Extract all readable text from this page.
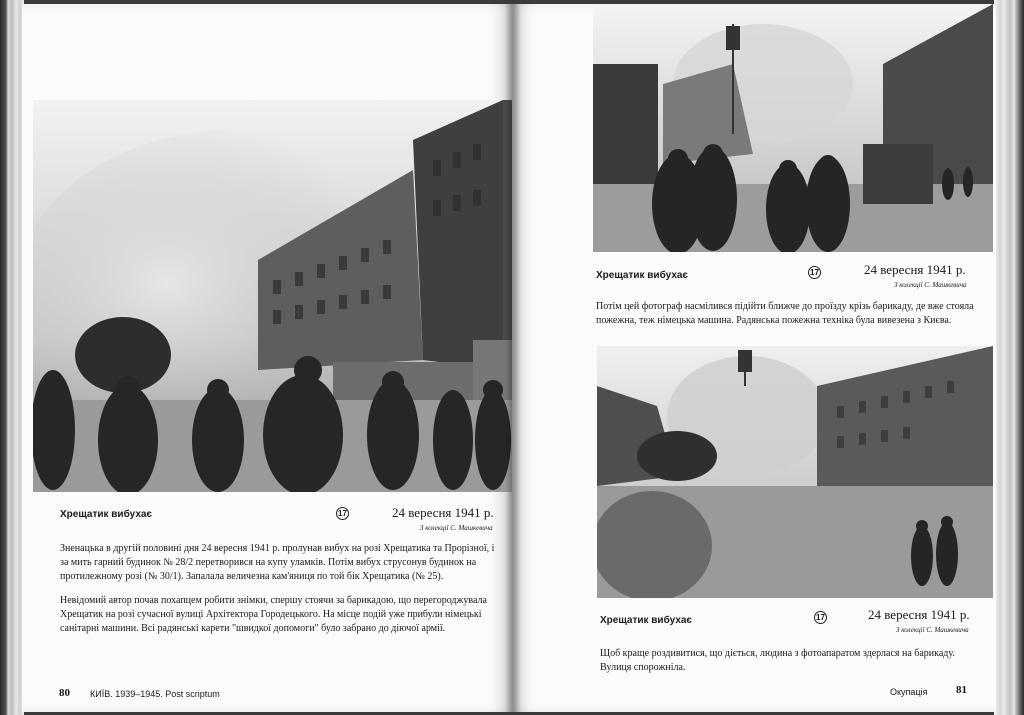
Хрещатик вибухає	17	24 вересня 1941 р.
З колекції С. Машкевича

Зненацька в другій половині дня 24 вересня 1941 р. пролунав вибух на розі Хрещатика та Прорізної, і за мить гарний будинок № 28/2 перетворився на купу уламків. Потім вибух струсонув будинок на протилежному розі (№ 30/1). Запалала величезна кам'яниця по той бік Хрещатика (№ 25).

Невідомий автор почав похапцем робити знімки, спершу стоячи за барикадою, що перегороджувала Хрещатик на розі сучасної вулиці Архітектора Городецького. На місце подій уже прибули німецькі санітарні машини. Всі радянські карети "швидкої допомоги" було забрано до діючої армії.

80 КИЇВ. 1939–1945. Post scriptum
Хрещатик вибухає	17	24 вересня 1941 р.
З колекції С. Машкевича
Потім цей фотограф насмілився підійти ближче до проїзду крізь барикаду, де вже стояла пожежна, теж німецька машина. Радянська пожежна техніка була вивезена з Києва.
Хрещатик вибухає	17	24 вересня 1941 р.
З колекції С. Машкевича
Щоб краще роздивитися, що діється, людина з фотоапаратом здерлася на барикаду. Вулиця спорожніла.
Окупація	81
